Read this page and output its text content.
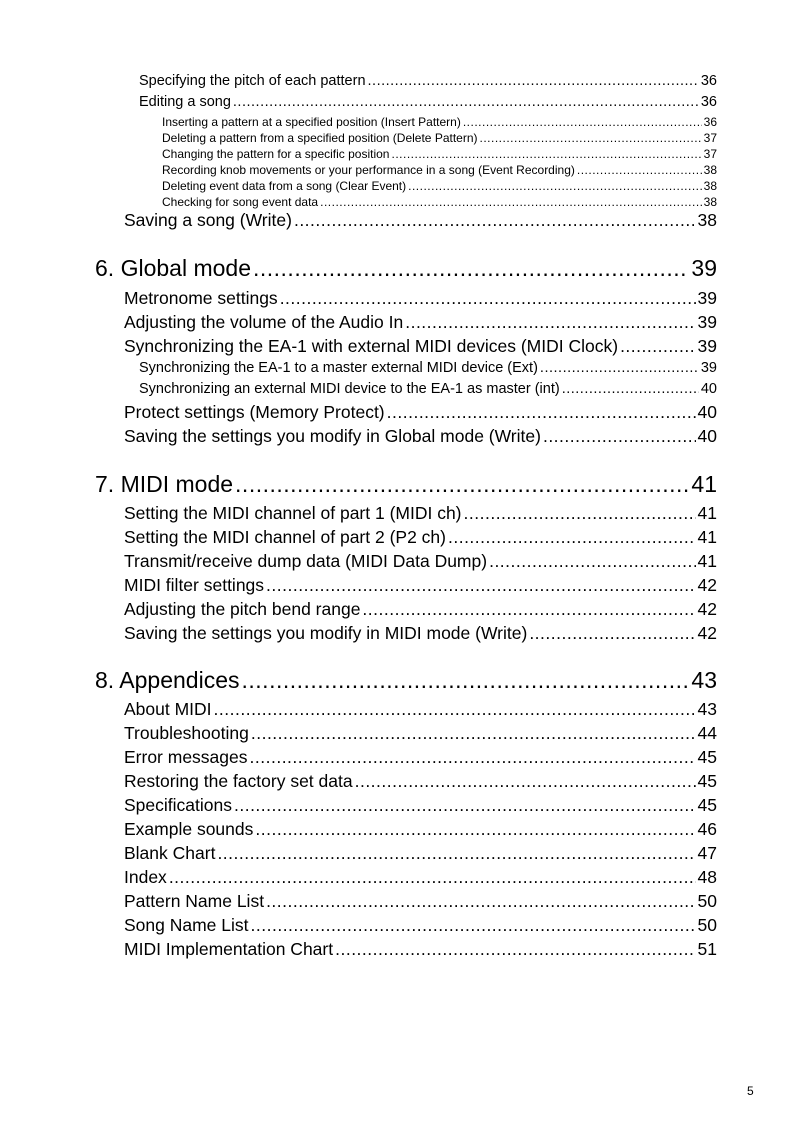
Specifying the pitch of each pattern .....	36
Editing a song .....	36
Inserting a pattern at a specified position (Insert Pattern) .....	36
Deleting a pattern from a specified position (Delete Pattern) .....	37
Changing the pattern for a specific position .....	37
Recording knob movements or your performance in a song (Event Recording) .....	38
Deleting event data from a song (Clear Event) .....	38
Checking for song event data .....	38
Saving a song (Write) .....	38
6. Global mode .....	39
Metronome settings .....	39
Adjusting the volume of the Audio In .....	39
Synchronizing the EA-1 with external MIDI devices (MIDI Clock) .....	39
Synchronizing the EA-1 to a master external MIDI device (Ext) .....	39
Synchronizing an external MIDI device to the EA-1 as master (int) .....	40
Protect settings (Memory Protect) .....	40
Saving the settings you modify in Global mode (Write) .....	40
7. MIDI mode .....	41
Setting the MIDI channel of part 1 (MIDI ch) .....	41
Setting the MIDI channel of part 2 (P2 ch) .....	41
Transmit/receive dump data (MIDI Data Dump) .....	41
MIDI filter settings .....	42
Adjusting the pitch bend range .....	42
Saving the settings you modify in MIDI mode (Write) .....	42
8. Appendices .....	43
About MIDI .....	43
Troubleshooting .....	44
Error messages .....	45
Restoring the factory set data .....	45
Specifications .....	45
Example sounds .....	46
Blank Chart .....	47
Index .....	48
Pattern Name List .....	50
Song Name List .....	50
MIDI Implementation Chart .....	51
5
